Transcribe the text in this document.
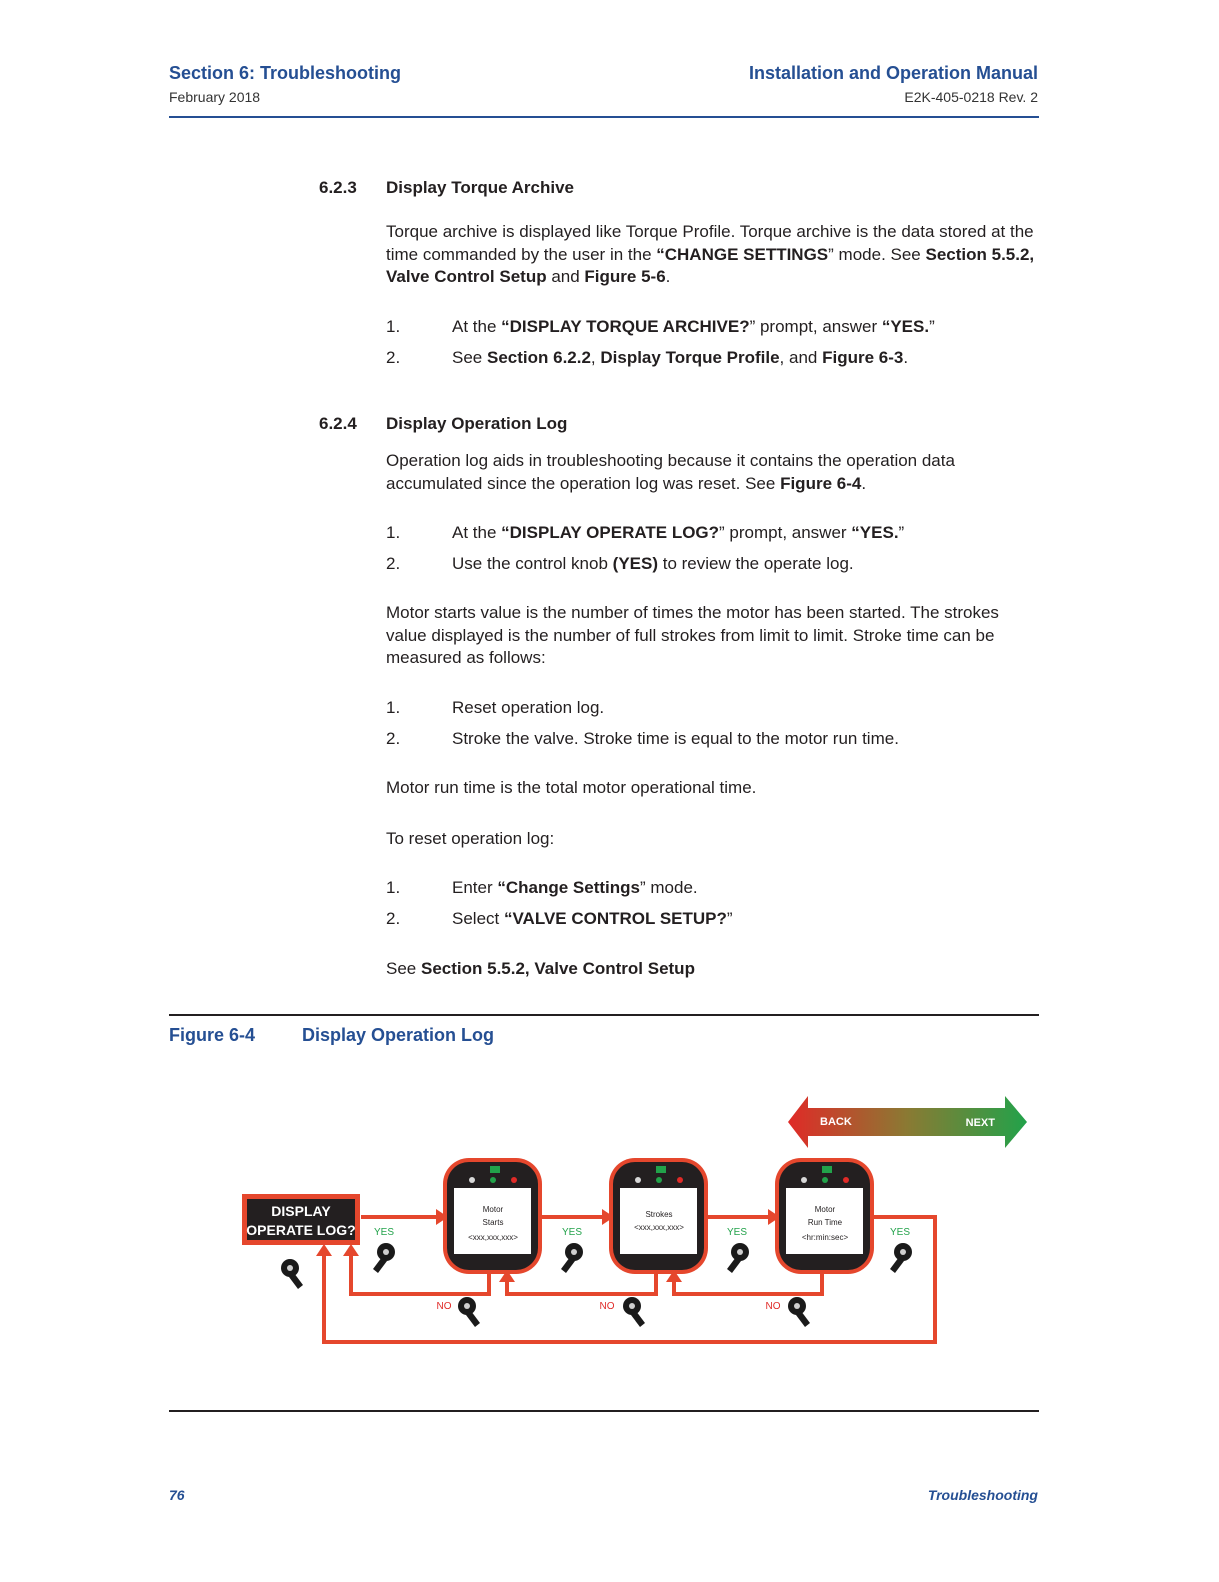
Section 6: Troubleshooting
February 2018
Installation and Operation Manual
E2K-405-0218 Rev. 2
6.2.3 Display Torque Archive
Torque archive is displayed like Torque Profile. Torque archive is the data stored at the time commanded by the user in the “CHANGE SETTINGS” mode. See Section 5.5.2, Valve Control Setup and Figure 5-6.
1.	At the “DISPLAY TORQUE ARCHIVE?” prompt, answer “YES.”
2.	See Section 6.2.2, Display Torque Profile, and Figure 6-3.
6.2.4 Display Operation Log
Operation log aids in troubleshooting because it contains the operation data accumulated since the operation log was reset. See Figure 6-4.
1.	At the “DISPLAY OPERATE LOG?” prompt, answer “YES.”
2.	Use the control knob (YES) to review the operate log.
Motor starts value is the number of times the motor has been started. The strokes value displayed is the number of full strokes from limit to limit. Stroke time can be measured as follows:
1.	Reset operation log.
2.	Stroke the valve. Stroke time is equal to the motor run time.
Motor run time is the total motor operational time.
To reset operation log:
1.	Enter “Change Settings” mode.
2.	Select “VALVE CONTROL SETUP?”
See Section 5.5.2, Valve Control Setup
Figure 6-4	Display Operation Log
BACK	NEXT
DISPLAY
OPERATE LOG?
Motor
Starts
<xxx,xxx,xxx>
Strokes
<xxx,xxx,xxx>
Motor
Run Time
<hr:min:sec>
YES	YES	YES	YES
NO	NO	NO
76	Troubleshooting
